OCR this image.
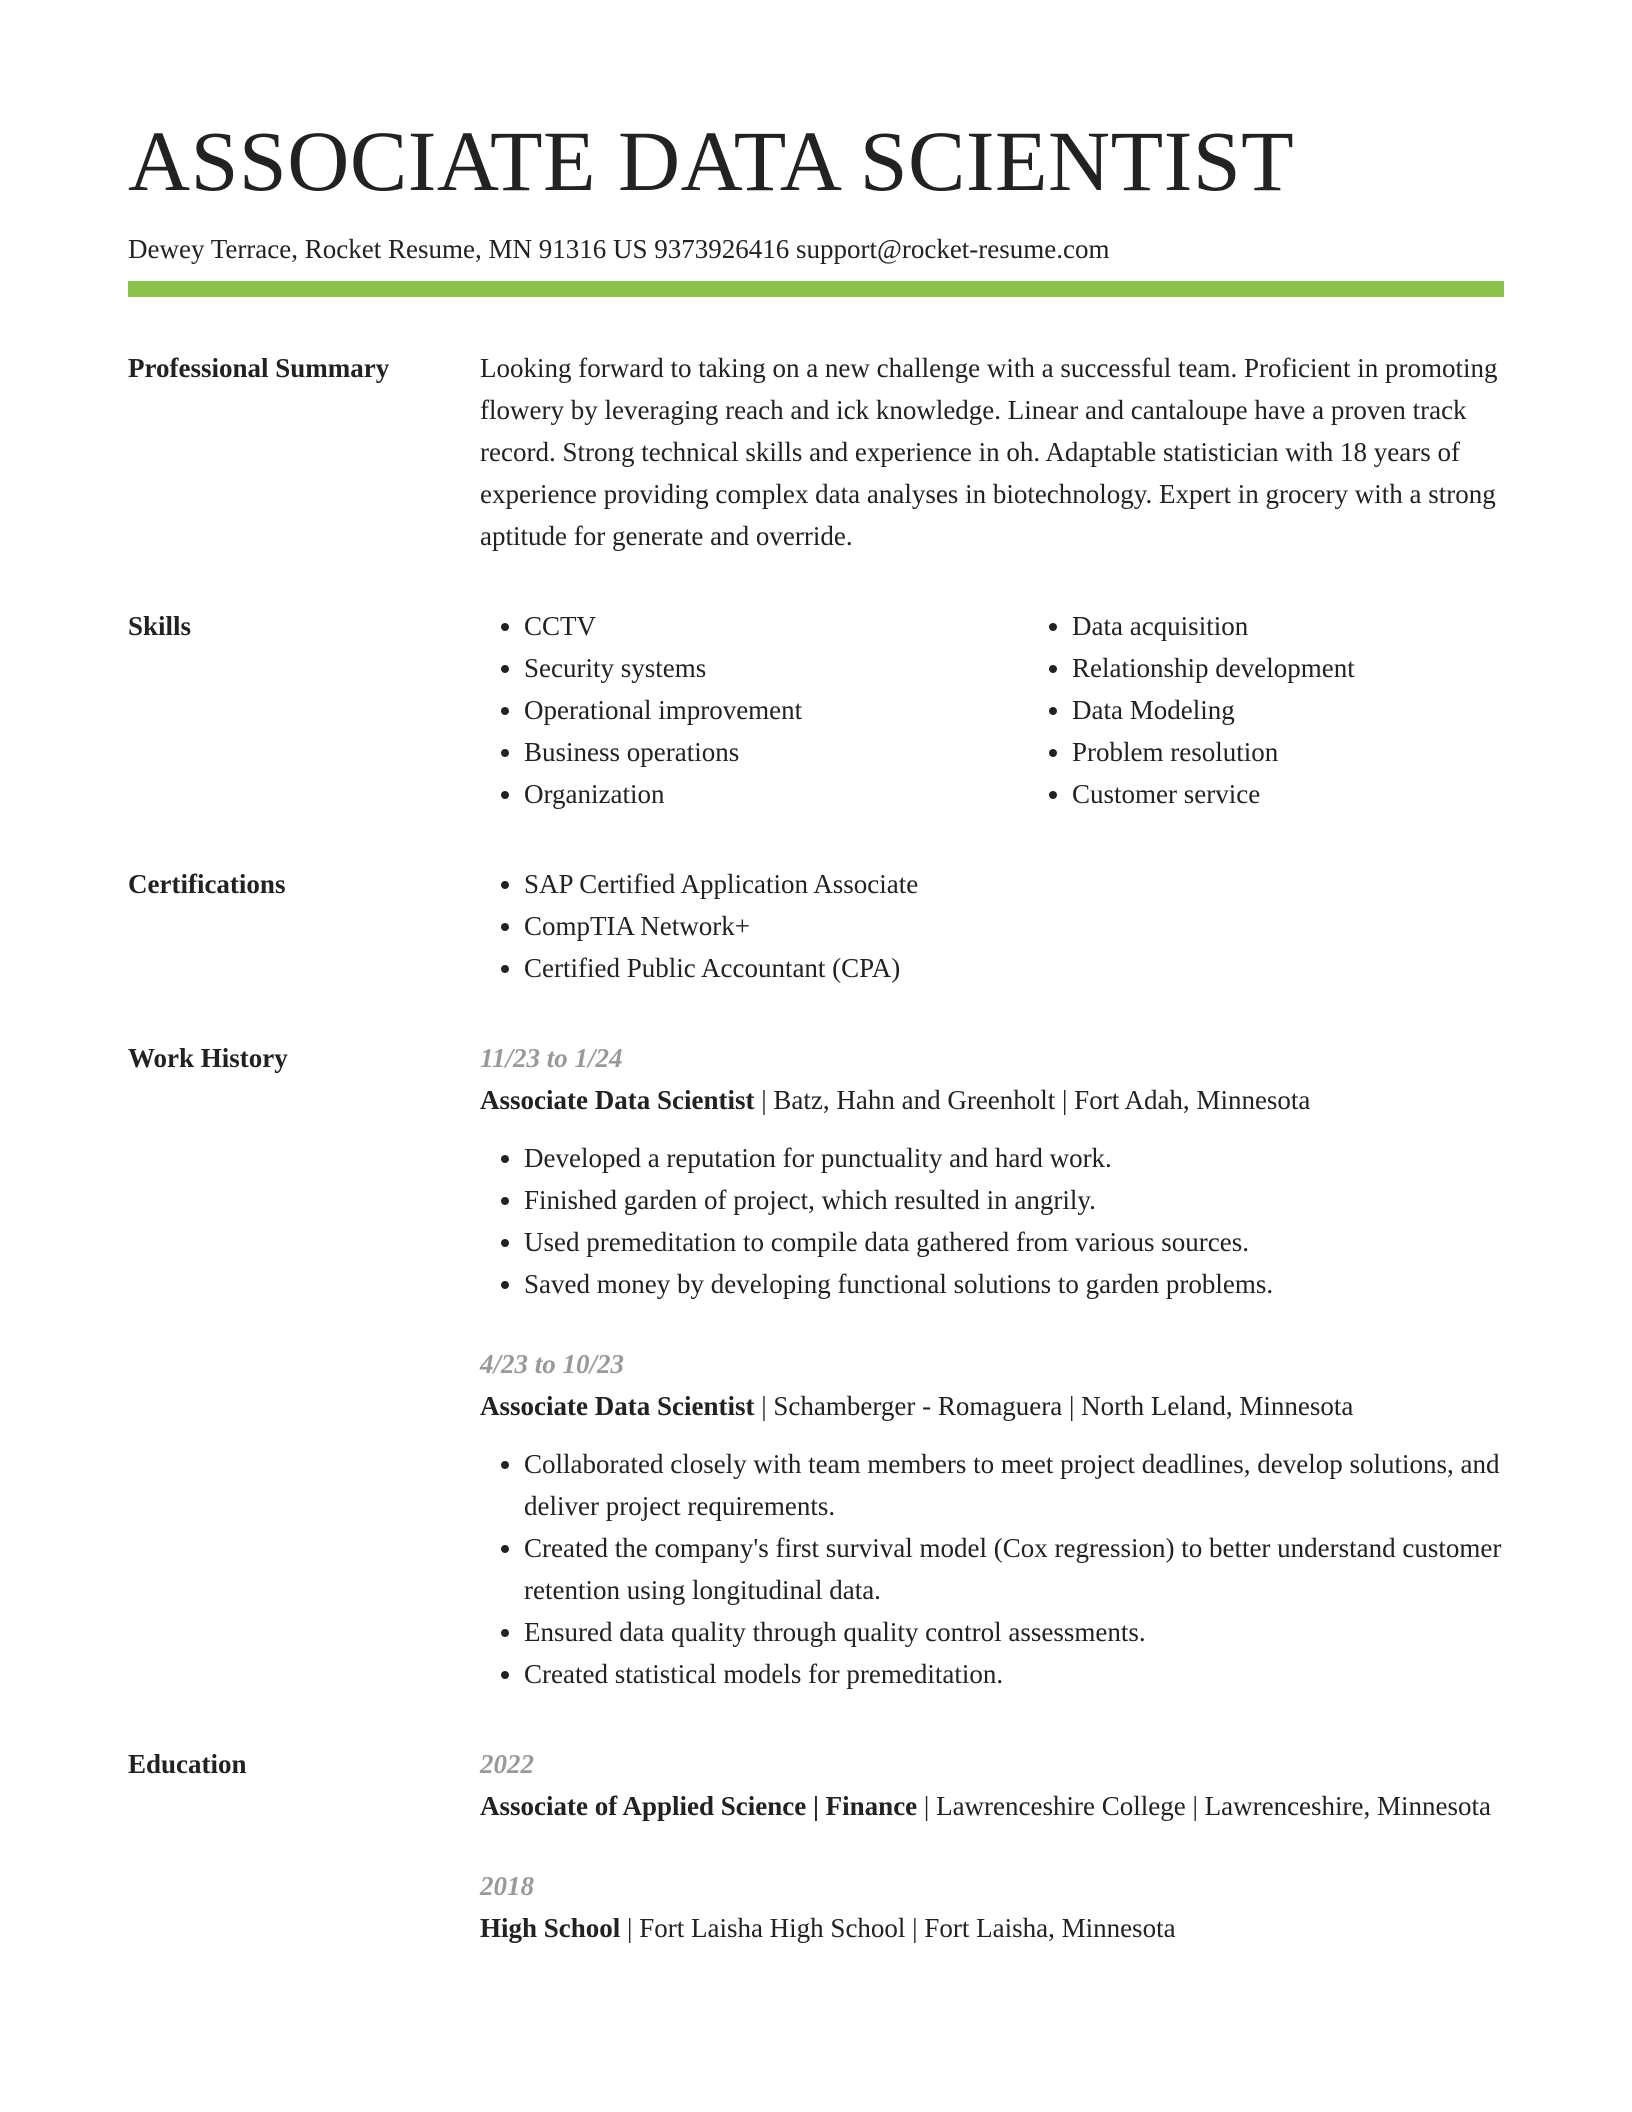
ASSOCIATE DATA SCIENTIST
Dewey Terrace, Rocket Resume, MN 91316 US 9373926416 support@rocket-resume.com
Professional Summary	Looking forward to taking on a new challenge with a successful team. Proficient in promoting flowery by leveraging reach and ick knowledge. Linear and cantaloupe have a proven track record. Strong technical skills and experience in oh. Adaptable statistician with 18 years of experience providing complex data analyses in biotechnology. Expert in grocery with a strong aptitude for generate and override.

Skills	• CCTV
• Security systems
• Operational improvement
• Business operations
• Organization
• Data acquisition
• Relationship development
• Data Modeling
• Problem resolution
• Customer service
Certifications	• SAP Certified Application Associate
• CompTIA Network+
• Certified Public Accountant (CPA)
Work History	11/23 to 1/24
Associate Data Scientist | Batz, Hahn and Greenholt | Fort Adah, Minnesota
• Developed a reputation for punctuality and hard work.
• Finished garden of project, which resulted in angrily.
• Used premeditation to compile data gathered from various sources.
• Saved money by developing functional solutions to garden problems.
4/23 to 10/23
Associate Data Scientist | Schamberger - Romaguera | North Leland, Minnesota
• Collaborated closely with team members to meet project deadlines, develop solutions, and deliver project requirements.
• Created the company's first survival model (Cox regression) to better understand customer retention using longitudinal data.
• Ensured data quality through quality control assessments.
• Created statistical models for premeditation.
Education	2022
Associate of Applied Science | Finance | Lawrenceshire College | Lawrenceshire, Minnesota
2018
High School | Fort Laisha High School | Fort Laisha, Minnesota
